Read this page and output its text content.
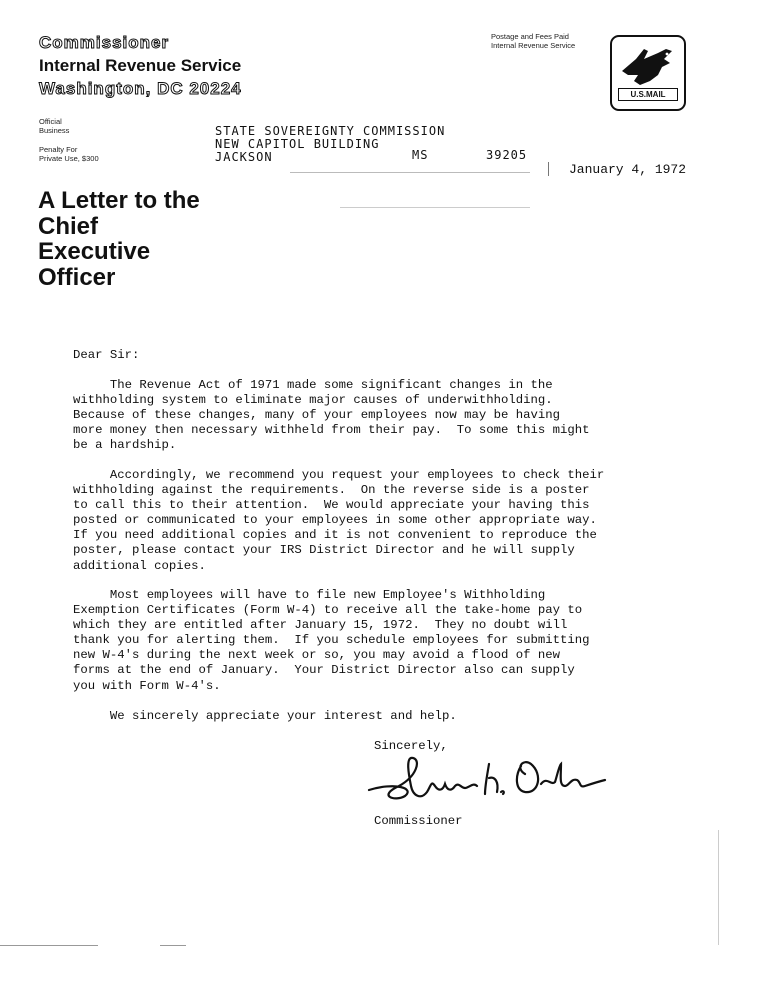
Commissioner
Internal Revenue Service
Washington, DC 20224
Postage and Fees Paid
Internal Revenue Service
U.S.MAIL
Official
Business
Penalty For
Private Use, $300
STATE SOVEREIGNTY COMMISSION
NEW CAPITOL BUILDING
JACKSON	MS	39205
January 4, 1972
A Letter to the Chief Executive Officer
Dear Sir:
The Revenue Act of 1971 made some significant changes in the
withholding system to eliminate major causes of underwithholding.
Because of these changes, many of your employees now may be having
more money then necessary withheld from their pay.  To some this might
be a hardship.
Accordingly, we recommend you request your employees to check their
withholding against the requirements.  On the reverse side is a poster
to call this to their attention.  We would appreciate your having this
posted or communicated to your employees in some other appropriate way.
If you need additional copies and it is not convenient to reproduce the
poster, please contact your IRS District Director and he will supply
additional copies.
Most employees will have to file new Employee's Withholding
Exemption Certificates (Form W-4) to receive all the take-home pay to
which they are entitled after January 15, 1972.  They no doubt will
thank you for alerting them.  If you schedule employees for submitting
new W-4's during the next week or so, you may avoid a flood of new
forms at the end of January.  Your District Director also can supply
you with Form W-4's.
We sincerely appreciate your interest and help.
Sincerely,
Commissioner
